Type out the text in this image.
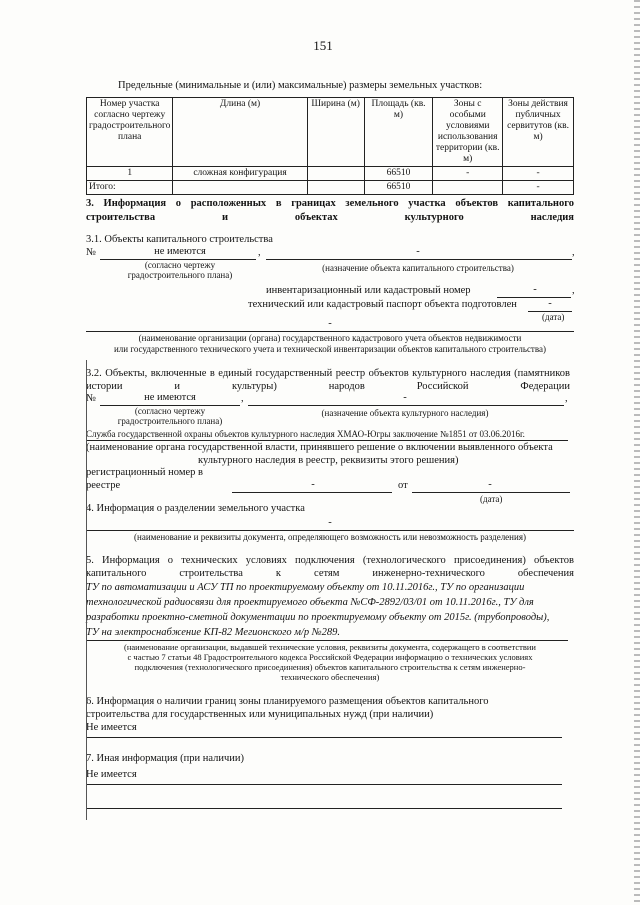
151
Предельные (минимальные и (или) максимальные) размеры земельных участков:
Номер участка согласно чертежу градостроительного плана	Длина (м)	Ширина (м)	Площадь (кв. м)	Зоны с особыми условиями использования территории (кв. м)	Зоны действия публичных сервитутов (кв. м)
1	сложная конфигурация		66510	-	-
Итого:			66510		-
3. Информация о расположенных в границах земельного участка объектов капитального строительства и объектах культурного наследия
3.1. Объекты капитального строительства
№	не имеются	,	-	,
(согласно чертежу
градостроительного плана)
(назначение объекта капитального строительства)
инвентаризационный или кадастровый номер	-	,
технический или кадастровый паспорт объекта подготовлен	-
(дата)
-
(наименование организации (органа) государственного кадастрового учета объектов недвижимости
или государственного технического учета и технической инвентаризации объектов капитального строительства)
3.2. Объекты, включенные в единый государственный реестр объектов культурного наследия (памятников истории и культуры) народов Российской Федерации
№	не имеются	,	-	,
(согласно чертежу
градостроительного плана)
(назначение объекта культурного наследия)
Служба государственной охраны объектов культурного наследия ХМАО-Югры заключение №1851 от 03.06.2016г.
(наименование органа государственной власти, принявшего решение о включении выявленного объекта
культурного наследия в реестр, реквизиты этого решения)
регистрационный номер в
реестре	-	от	-
(дата)
4. Информация о разделении земельного участка
-
(наименование и реквизиты документа, определяющего возможность или невозможность разделения)
5. Информация о технических условиях подключения (технологического присоединения) объектов капитального строительства к сетям инженерно-технического обеспечения
ТУ по автоматизации и АСУ ТП по проектируемому объекту от 10.11.2016г., ТУ по организации
технологической радиосвязи для проектируемого объекта №СФ-2892/03/01 от 10.11.2016г., ТУ для
разработки проектно-сметной документации по проектируемому объекту от 2015г. (трубопроводы),
ТУ на электроснабжение КП-82 Мегионского м/р №289.
(наименование организации, выдавшей технические условия, реквизиты документа, содержащего в соответствии
с частью 7 статьи 48 Градостроительного кодекса Российской Федерации информацию о технических условиях
подключения (технологического присоединения) объектов капитального строительства к сетям инженерно-
технического обеспечения)
6. Информация о наличии границ зоны планируемого размещения объектов капитального
строительства для государственных или муниципальных нужд (при наличии)
Не имеется
7. Иная информация (при наличии)
Не имеется
